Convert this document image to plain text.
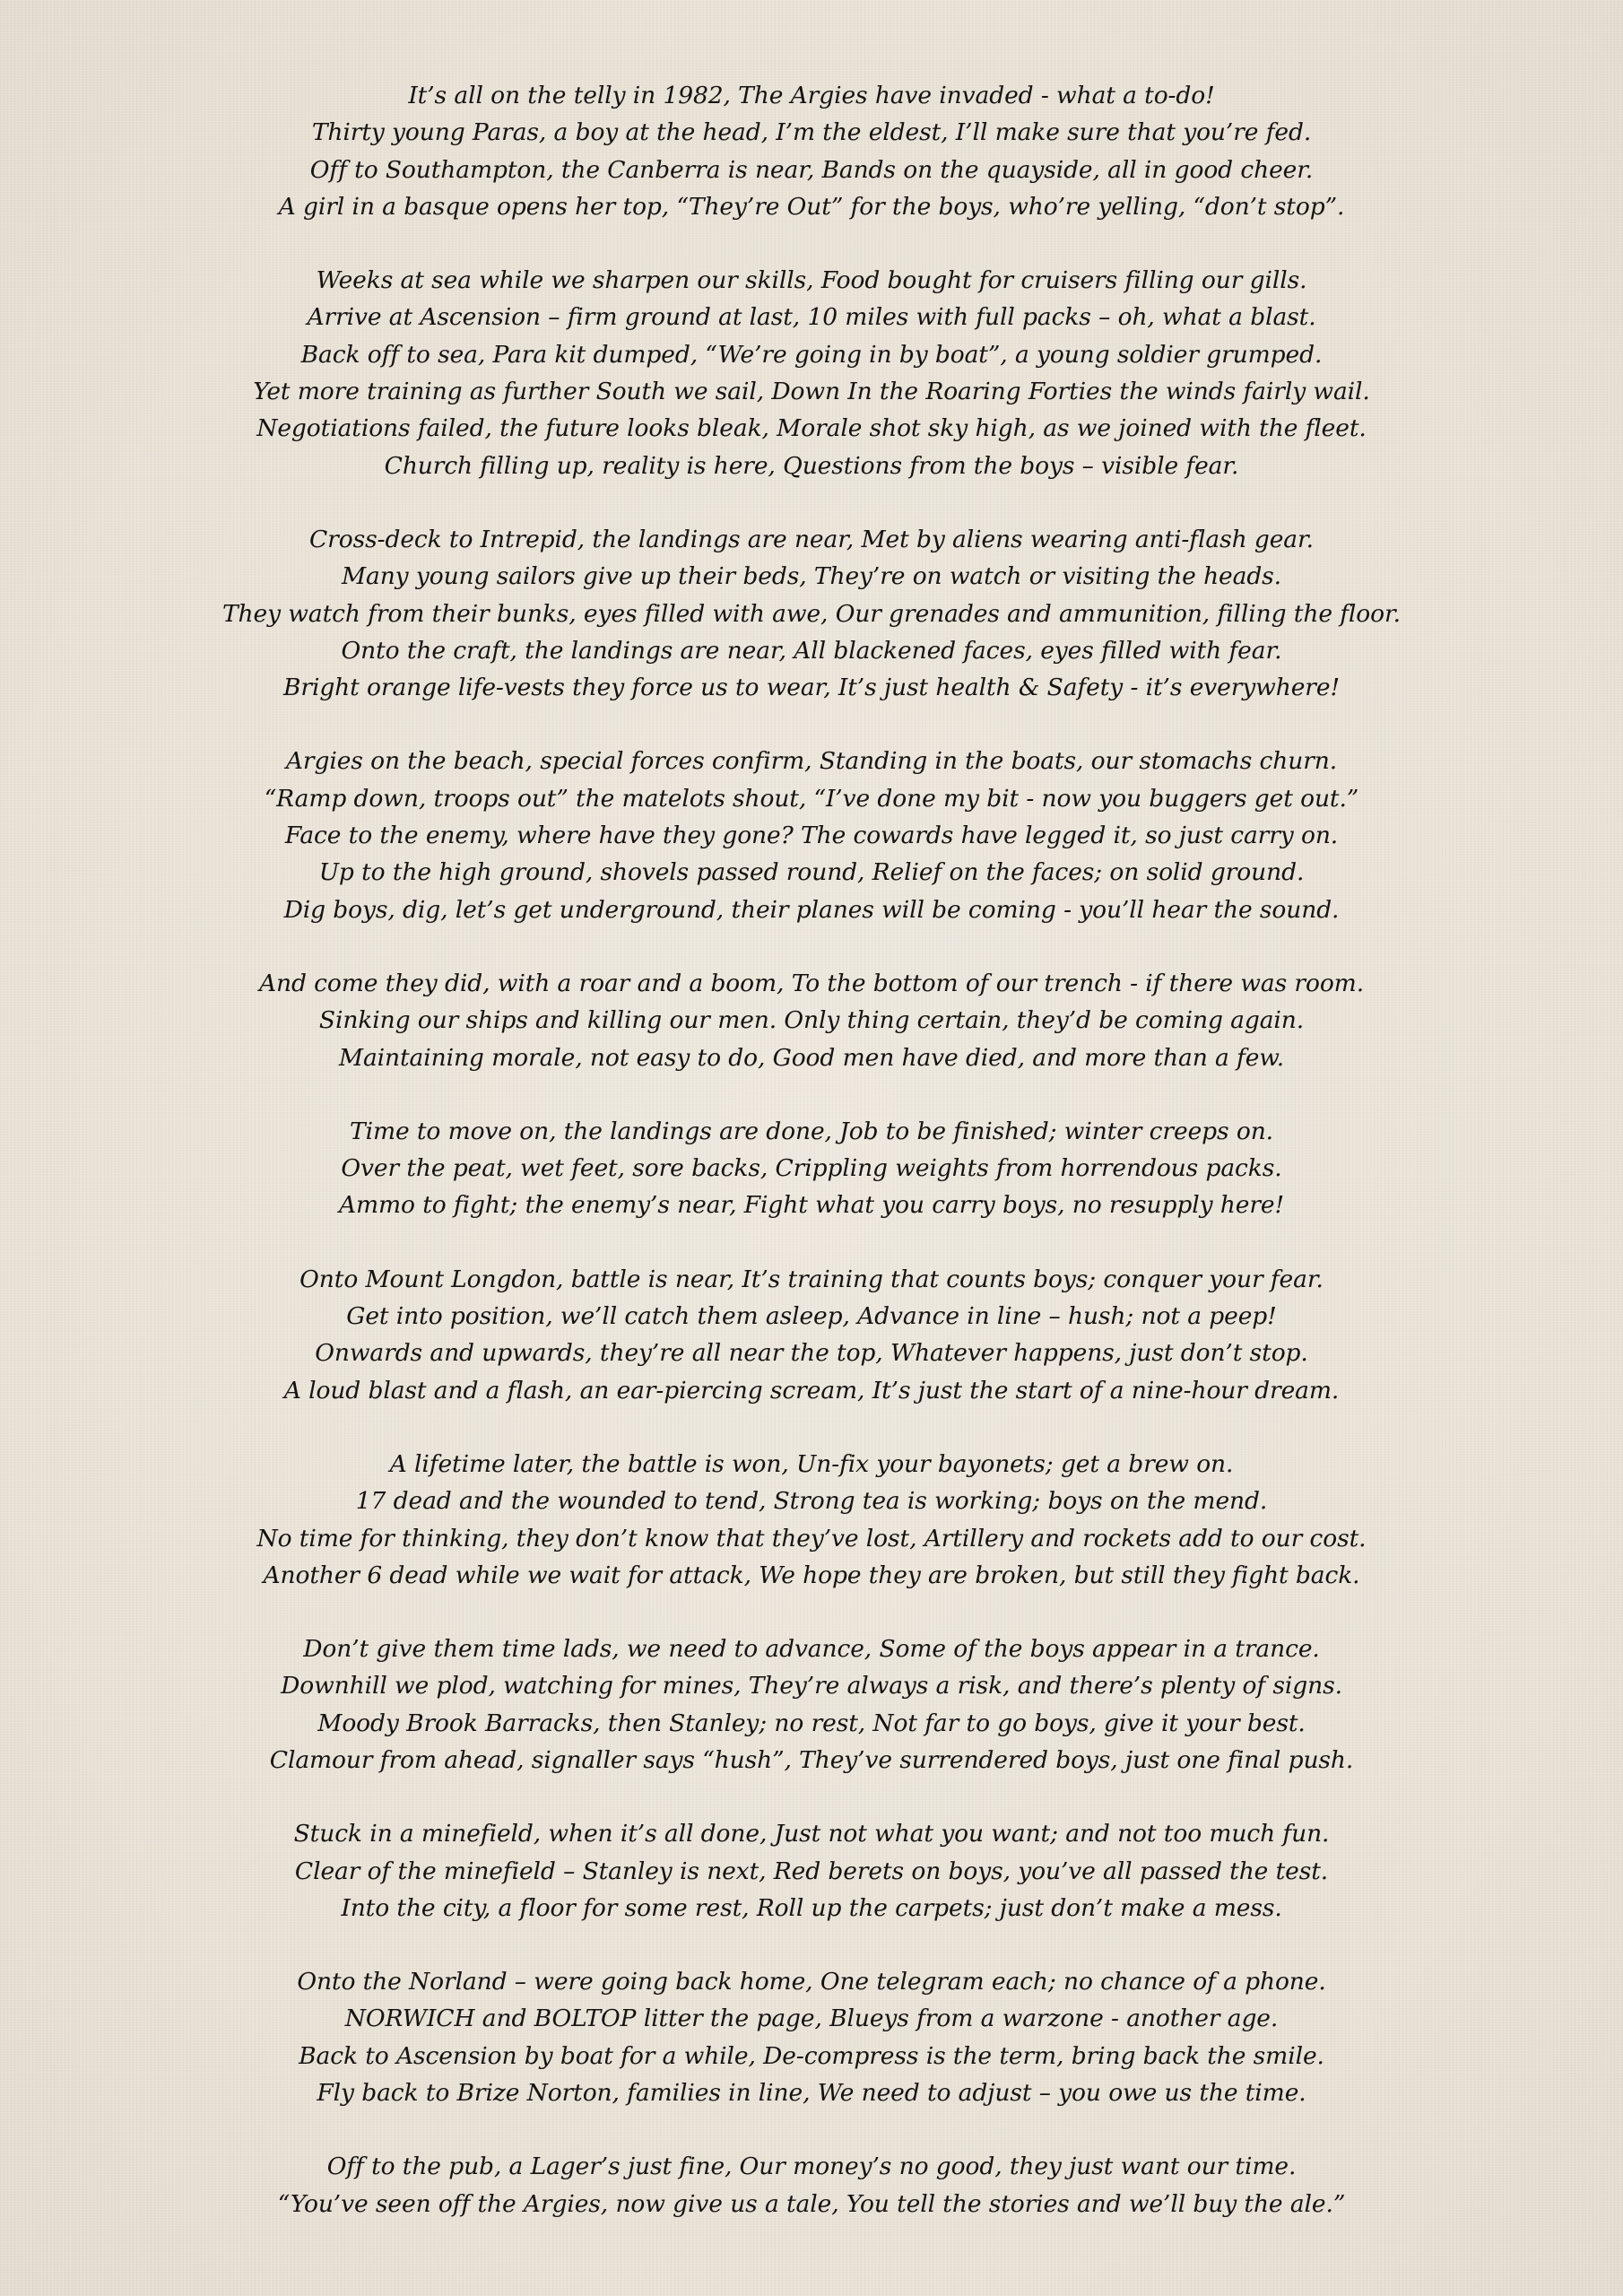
It’s all on the telly in 1982, The Argies have invaded - what a to-do!
Thirty young Paras, a boy at the head, I’m the eldest, I’ll make sure that you’re fed.
Off to Southampton, the Canberra is near, Bands on the quayside, all in good cheer.
A girl in a basque opens her top, “They’re Out” for the boys, who’re yelling, “don’t stop”.
Weeks at sea while we sharpen our skills, Food bought for cruisers filling our gills.
Arrive at Ascension – firm ground at last, 10 miles with full packs – oh, what a blast.
Back off to sea, Para kit dumped, “We’re going in by boat”, a young soldier grumped.
Yet more training as further South we sail, Down In the Roaring Forties the winds fairly wail.
Negotiations failed, the future looks bleak, Morale shot sky high, as we joined with the fleet.
Church filling up, reality is here, Questions from the boys – visible fear.
Cross-deck to Intrepid, the landings are near, Met by aliens wearing anti-flash gear.
Many young sailors give up their beds, They’re on watch or visiting the heads.
They watch from their bunks, eyes filled with awe, Our grenades and ammunition, filling the floor.
Onto the craft, the landings are near, All blackened faces, eyes filled with fear.
Bright orange life-vests they force us to wear, It’s just health & Safety - it’s everywhere!
Argies on the beach, special forces confirm, Standing in the boats, our stomachs churn.
“Ramp down, troops out” the matelots shout, “I’ve done my bit - now you buggers get out.”
Face to the enemy, where have they gone? The cowards have legged it, so just carry on.
Up to the high ground, shovels passed round, Relief on the faces; on solid ground.
Dig boys, dig, let’s get underground, their planes will be coming - you’ll hear the sound.
And come they did, with a roar and a boom, To the bottom of our trench - if there was room.
Sinking our ships and killing our men. Only thing certain, they’d be coming again.
Maintaining morale, not easy to do, Good men have died, and more than a few.
Time to move on, the landings are done, Job to be finished; winter creeps on.
Over the peat, wet feet, sore backs, Crippling weights from horrendous packs.
Ammo to fight; the enemy’s near, Fight what you carry boys, no resupply here!
Onto Mount Longdon, battle is near, It’s training that counts boys; conquer your fear.
Get into position, we’ll catch them asleep, Advance in line – hush; not a peep!
Onwards and upwards, they’re all near the top, Whatever happens, just don’t stop.
A loud blast and a flash, an ear-piercing scream, It’s just the start of a nine-hour dream.
A lifetime later, the battle is won, Un-fix your bayonets; get a brew on.
17 dead and the wounded to tend, Strong tea is working; boys on the mend.
No time for thinking, they don’t know that they’ve lost, Artillery and rockets add to our cost.
Another 6 dead while we wait for attack, We hope they are broken, but still they fight back.
Don’t give them time lads, we need to advance, Some of the boys appear in a trance.
Downhill we plod, watching for mines, They’re always a risk, and there’s plenty of signs.
Moody Brook Barracks, then Stanley; no rest, Not far to go boys, give it your best.
Clamour from ahead, signaller says “hush”, They’ve surrendered boys, just one final push.
Stuck in a minefield, when it’s all done, Just not what you want; and not too much fun.
Clear of the minefield – Stanley is next, Red berets on boys, you’ve all passed the test.
Into the city, a floor for some rest, Roll up the carpets; just don’t make a mess.
Onto the Norland – were going back home, One telegram each; no chance of a phone.
NORWICH and BOLTOP litter the page, Blueys from a warzone - another age.
Back to Ascension by boat for a while, De-compress is the term, bring back the smile.
Fly back to Brize Norton, families in line, We need to adjust – you owe us the time.
Off to the pub, a Lager’s just fine, Our money’s no good, they just want our time.
“You’ve seen off the Argies, now give us a tale, You tell the stories and we’ll buy the ale.”
